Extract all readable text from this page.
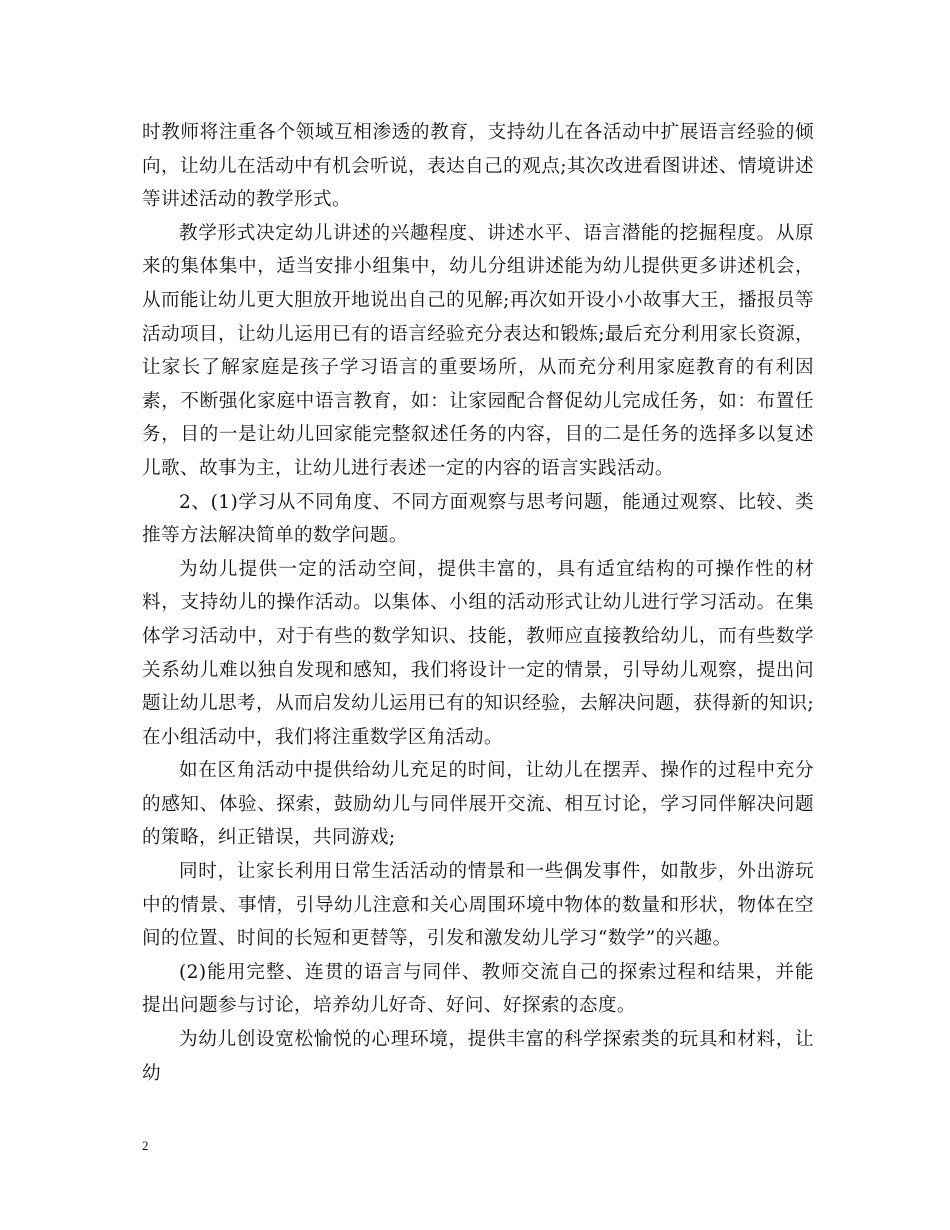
时教师将注重各个领域互相渗透的教育，支持幼儿在各活动中扩展语言经验的倾向，让幼儿在活动中有机会听说，表达自己的观点;其次改进看图讲述、情境讲述等讲述活动的教学形式。

教学形式决定幼儿讲述的兴趣程度、讲述水平、语言潜能的挖掘程度。从原来的集体集中，适当安排小组集中，幼儿分组讲述能为幼儿提供更多讲述机会，从而能让幼儿更大胆放开地说出自己的见解;再次如开设小小故事大王，播报员等活动项目，让幼儿运用已有的语言经验充分表达和锻炼;最后充分利用家长资源，让家长了解家庭是孩子学习语言的重要场所，从而充分利用家庭教育的有利因素，不断强化家庭中语言教育，如：让家园配合督促幼儿完成任务，如：布置任务，目的一是让幼儿回家能完整叙述任务的内容，目的二是任务的选择多以复述儿歌、故事为主，让幼儿进行表述一定的内容的语言实践活动。

2、(1)学习从不同角度、不同方面观察与思考问题，能通过观察、比较、类推等方法解决简单的数学问题。

为幼儿提供一定的活动空间，提供丰富的，具有适宜结构的可操作性的材料，支持幼儿的操作活动。以集体、小组的活动形式让幼儿进行学习活动。在集体学习活动中，对于有些的数学知识、技能，教师应直接教给幼儿，而有些数学关系幼儿难以独自发现和感知，我们将设计一定的情景，引导幼儿观察，提出问题让幼儿思考，从而启发幼儿运用已有的知识经验，去解决问题，获得新的知识;在小组活动中，我们将注重数学区角活动。

如在区角活动中提供给幼儿充足的时间，让幼儿在摆弄、操作的过程中充分的感知、体验、探索，鼓励幼儿与同伴展开交流、相互讨论，学习同伴解决问题的策略，纠正错误，共同游戏;

同时，让家长利用日常生活活动的情景和一些偶发事件，如散步，外出游玩中的情景、事情，引导幼儿注意和关心周围环境中物体的数量和形状，物体在空间的位置、时间的长短和更替等，引发和激发幼儿学习“数学”的兴趣。

(2)能用完整、连贯的语言与同伴、教师交流自己的探索过程和结果，并能提出问题参与讨论，培养幼儿好奇、好问、好探索的态度。

为幼儿创设宽松愉悦的心理环境，提供丰富的科学探索类的玩具和材料，让幼

2
